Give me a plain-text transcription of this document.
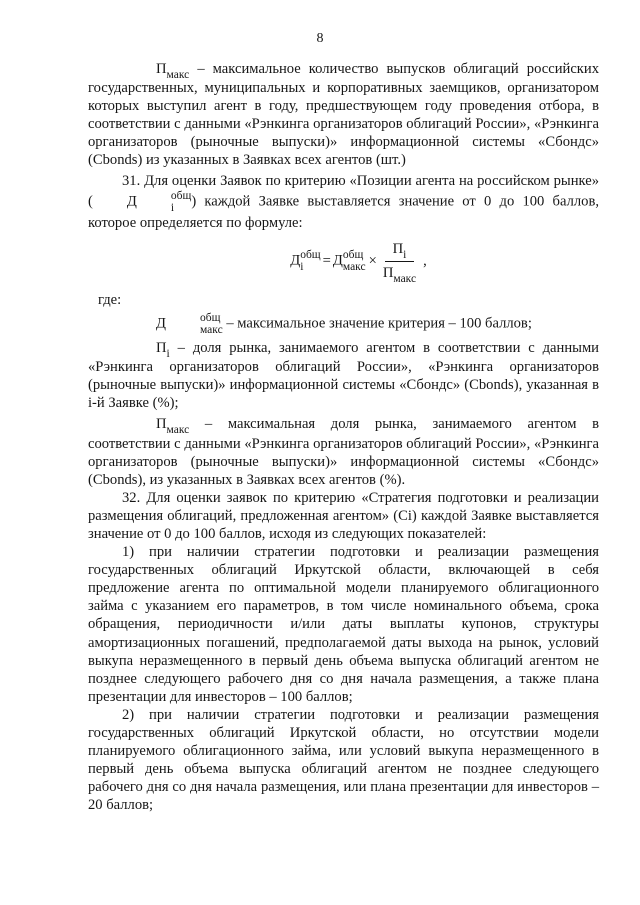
8

$П_{макс}$ – максимальное количество выпусков облигаций российских государственных, муниципальных и корпоративных заемщиков, организатором которых выступил агент в году, предшествующем году проведения отбора, в соответствии с данными «Рэнкинга организаторов облигаций России», «Рэнкинга организаторов (рыночные выпуски)» информационной системы «Сбондс» (Cbonds) из указанных в Заявках всех агентов (шт.)

31. Для оценки Заявок по критерию «Позиции агента на российском рынке» ( Д	общ
i	) каждой Заявке выставляется значение от 0 до 100 баллов, которое определяется по формуле:

Д общ
i	= Д общ
макс × $\frac{П_i}{П_{макс}}$ ,

где:

Д	общ
макс – максимальное значение критерия – 100 баллов;

$П_i$ – доля рынка, занимаемого агентом в соответствии с данными «Рэнкинга организаторов облигаций России», «Рэнкинга организаторов (рыночные выпуски)» информационной системы «Сбондс» (Cbonds), указанная в i-й Заявке (%);

$П_{макс}$ – максимальная доля рынка, занимаемого агентом в соответствии с данными «Рэнкинга организаторов облигаций России», «Рэнкинга организаторов (рыночные выпуски)» информационной системы «Сбондс» (Cbonds), из указанных в Заявках всех агентов (%).

32. Для оценки заявок по критерию «Стратегия подготовки и реализации размещения облигаций, предложенная агентом» (Ci) каждой Заявке выставляется значение от 0 до 100 баллов, исходя из следующих показателей:

1) при наличии стратегии подготовки и реализации размещения государственных облигаций Иркутской области, включающей в себя предложение агента по оптимальной модели планируемого облигационного займа с указанием его параметров, в том числе номинального объема, срока обращения, периодичности и/или даты выплаты купонов, структуры амортизационных погашений, предполагаемой даты выхода на рынок, условий выкупа неразмещенного в первый день объема выпуска облигаций агентом не позднее следующего рабочего дня со дня начала размещения, а также плана презентации для инвесторов – 100 баллов;

2) при наличии стратегии подготовки и реализации размещения государственных облигаций Иркутской области, но отсутствии модели планируемого облигационного займа, или условий выкупа неразмещенного в первый день объема выпуска облигаций агентом не позднее следующего рабочего дня со дня начала размещения, или плана презентации для инвесторов – 20 баллов;
